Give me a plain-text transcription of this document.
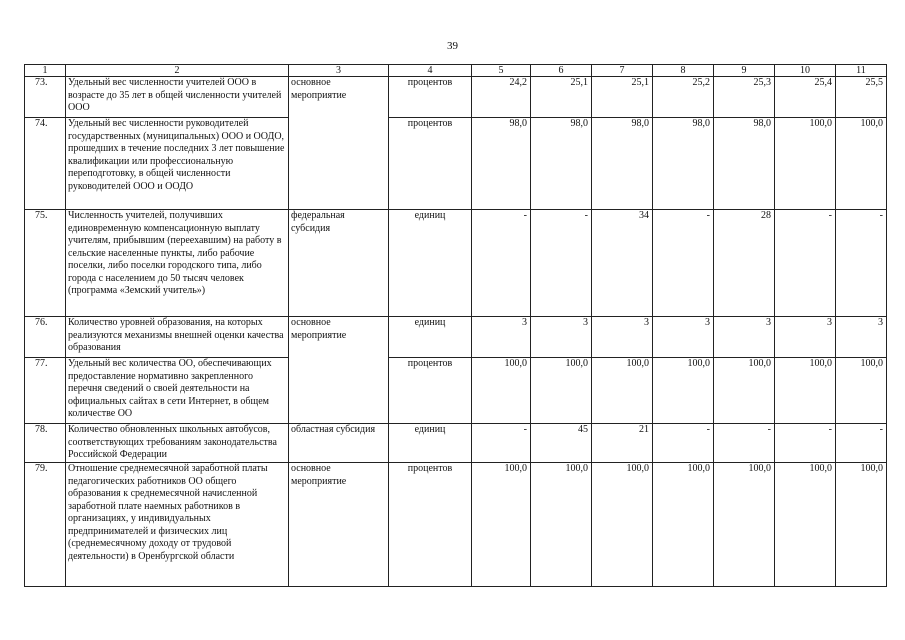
39
1	2	3	4	5	6	7	8	9	10	11
73.	Удельный вес численности учителей ООО в возрасте до 35 лет в общей численности учителей ООО	основное мероприятие	процентов	24,2	25,1	25,1	25,2	25,3	25,4	25,5
74.	Удельный вес численности руководителей государственных (муниципальных) ООО и ООДО, прошедших в течение последних 3 лет повышение квалификации или профессиональную переподготовку, в общей численности руководителей ООО и ООДО		процентов	98,0	98,0	98,0	98,0	98,0	100,0	100,0
75.	Численность учителей, получивших единовременную компенсационную выплату учителям, прибывшим (переехавшим) на работу в сельские населенные пункты, либо рабочие поселки, либо поселки городского типа, либо города с населением до 50 тысяч человек (программа «Земский учитель»)	федеральная субсидия	единиц	-	-	34	-	28	-	-
76.	Количество уровней образования, на которых реализуются механизмы внешней оценки качества образования	основное мероприятие	единиц	3	3	3	3	3	3	3
77.	Удельный вес количества ОО, обеспечивающих предоставление нормативно закрепленного перечня сведений о своей деятельности на официальных сайтах в сети Интернет, в общем количестве ОО		процентов	100,0	100,0	100,0	100,0	100,0	100,0	100,0
78.	Количество обновленных школьных автобусов, соответствующих требованиям законодательства Российской Федерации	областная субсидия	единиц	-	45	21	-	-	-	-
79.	Отношение среднемесячной заработной платы педагогических работников ОО общего образования к среднемесячной начисленной заработной плате наемных работников в организациях, у индивидуальных предпринимателей и физических лиц (среднемесячному доходу от трудовой деятельности) в Оренбургской области	основное мероприятие	процентов	100,0	100,0	100,0	100,0	100,0	100,0	100,0
